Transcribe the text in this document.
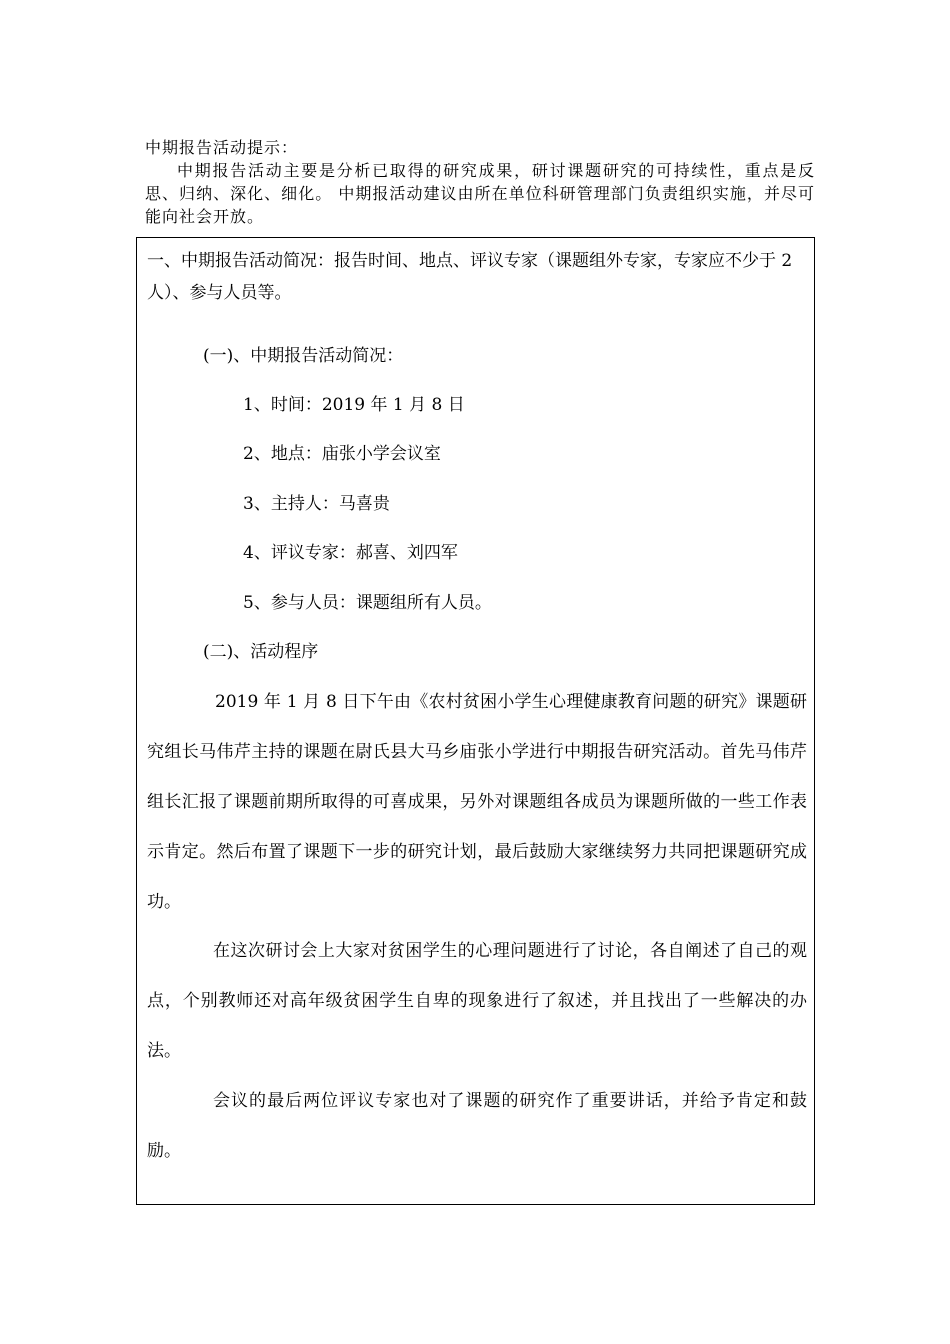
中期报告活动提示：

中期报告活动主要是分析已取得的研究成果，研讨课题研究的可持续性，重点是反思、归纳、深化、细化。 中期报活动建议由所在单位科研管理部门负责组织实施，并尽可能向社会开放。

一、中期报告活动简况：报告时间、地点、评议专家（课题组外专家，专家应不少于 2 人）、参与人员等。

(一)、中期报告活动简况：

1、时间：2019 年 1 月 8 日

2、地点：庙张小学会议室

3、主持人：马喜贵

4、评议专家：郝喜、刘四军

5、参与人员：课题组所有人员。

(二)、活动程序

2019 年 1 月 8 日下午由《农村贫困小学生心理健康教育问题的研究》课题研究组长马伟芹主持的课题在尉氏县大马乡庙张小学进行中期报告研究活动。首先马伟芹组长汇报了课题前期所取得的可喜成果，另外对课题组各成员为课题所做的一些工作表示肯定。然后布置了课题下一步的研究计划，最后鼓励大家继续努力共同把课题研究成功。

在这次研讨会上大家对贫困学生的心理问题进行了讨论，各自阐述了自己的观点，个别教师还对高年级贫困学生自卑的现象进行了叙述，并且找出了一些解决的办法。

会议的最后两位评议专家也对了课题的研究作了重要讲话，并给予肯定和鼓励。
